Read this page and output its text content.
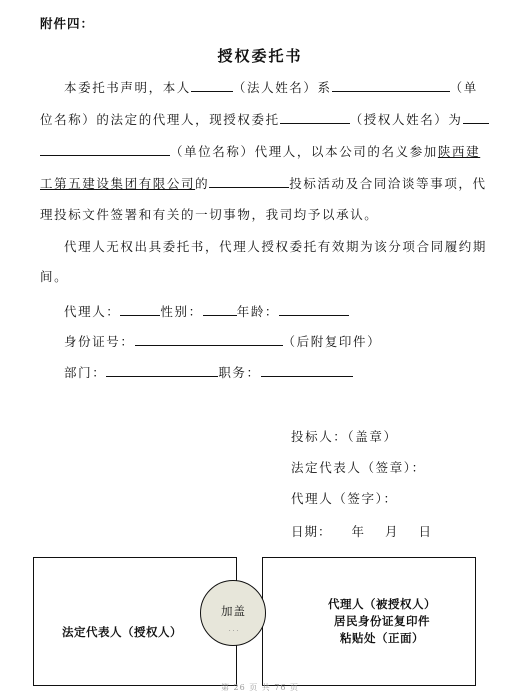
附件四：
授权委托书
本委托书声明，本人	（法人姓名）系	（单
位名称）的法定的代理人，现授权委托	（授权人姓名）为
（单位名称）代理人，以本公司的名义参加陕西建
工第五建设集团有限公司的	投标活动及合同洽谈等事项，代
理投标文件签署和有关的一切事物，我司均予以承认。
代理人无权出具委托书，代理人授权委托有效期为该分项合同履约期
间。
代理人：	性别：	年龄：
身份证号：	（后附复印件）
部门：	职务：
投标人：（盖章）
法定代表人（签章）：
代理人（签字）：
日期： 年 月 日
法定代表人（授权人）
代理人（被授权人）
居民身份证复印件
粘贴处（正面）
加盖
· · ·
第 26 页 共 76 页
